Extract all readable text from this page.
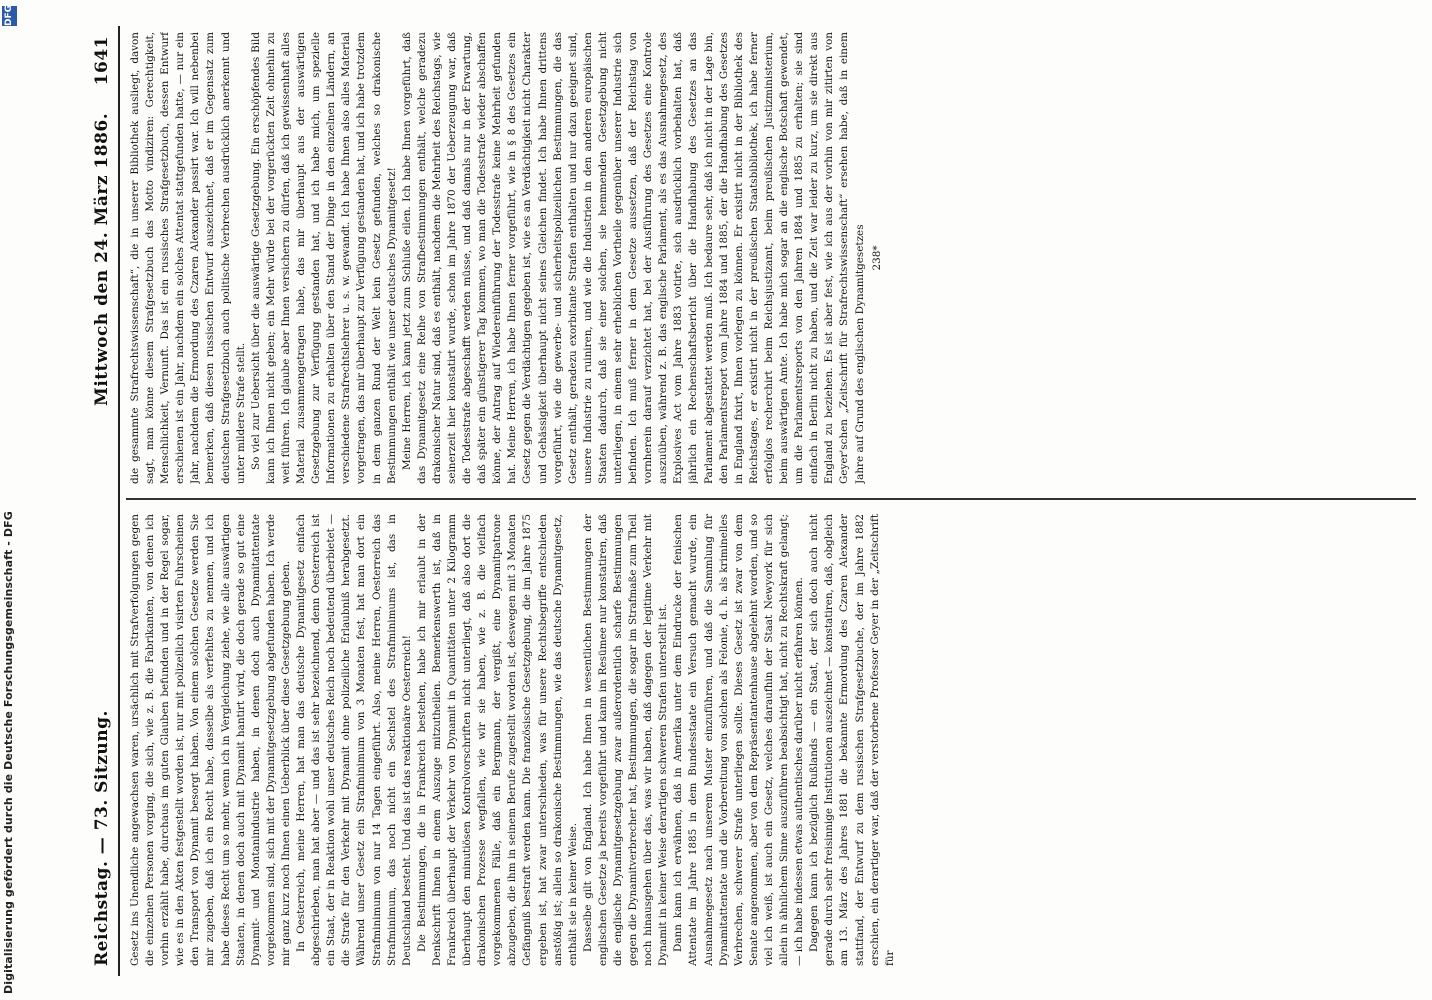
Digitalisierung gefördert durch die Deutsche Forschungsgemeinschaft - DFG
DFG
Reichstag. — 73. Sitzung.
Mittwoch den 24. März 1886.
1641

Gesetz ins Unendliche angewachsen waren, ursächlich mit Strafverfolgungen gegen die einzelnen Personen vorging, die sich, wie z. B. die Fabrikanten, von denen ich vorhin erzählt habe, durchaus im guten Glauben befunden und in der Regel sogar, wie es in den Akten festgestellt worden ist, nur mit polizeilich visirten Fuhrscheinen den Transport von Dynamit besorgt haben. Von einem solchen Gesetze werden Sie mir zugeben, daß ich ein Recht habe, dasselbe als verfehltes zu nennen, und ich habe dieses Recht um so mehr, wenn ich in Vergleichung ziehe, wie alle auswärtigen Staaten, in denen doch auch mit Dynamit hantirt wird, die doch gerade so gut eine Dynamit- und Montanindustrie haben, in denen doch auch Dynamitattentate vorgekommen sind, sich mit der Dynamitgesetzgebung abgefunden haben. Ich werde mir ganz kurz noch Ihnen einen Ueberblick über diese Gesetzgebung geben. In Oesterreich, meine Herren, hat man das deutsche Dynamitgesetz einfach abgeschrieben, man hat aber — und das ist sehr bezeichnend, denn Oesterreich ist ein Staat, der in Reaktion wohl unser deutsches Reich noch bedeutend überbietet — die Strafe für den Verkehr mit Dynamit ohne polizeiliche Erlaubniß herabgesetzt. Während unser Gesetz ein Strafminimum von 3 Monaten fest, hat man dort ein Strafminimum von nur 14 Tagen eingeführt. Also, meine Herren, Oesterreich das Strafminimum, das noch nicht ein Sechstel des Strafminimums ist, das in Deutschland besteht. Und das ist das reaktionäre Oesterreich! Die Bestimmungen, die in Frankreich bestehen, habe ich mir erlaubt in der Denkschrift Ihnen in einem Auszuge mitzutheilen. Bemerkenswerth ist, daß in Frankreich überhaupt der Verkehr von Dynamit in Quantitäten unter 2 Kilogramm überhaupt den minutiösen Kontrolvorschriften nicht unterliegt, daß also dort die drakonischen Prozesse wegfallen, wie wir sie haben, wie z. B. die vielfach vorgekommenen Fälle, daß ein Bergmann, der vergißt, eine Dynamitpatrone abzugeben, die ihm in seinem Berufe zugestellt worden ist, deswegen mit 3 Monaten Gefängniß bestraft werden kann. Die französische Gesetzgebung, die im Jahre 1875 ergeben ist, hat zwar unterschieden, was für unsere Rechtsbegriffe entschieden anstößig ist; allein so drakonische Bestimmungen, wie das deutsche Dynamitgesetz, enthält sie in keiner Weise. Dasselbe gilt von England. Ich habe Ihnen in wesentlichen Bestimmungen der englischen Gesetze ja bereits vorgeführt und kann im Resümee nur konstatiren, daß die englische Dynamitgesetzgebung zwar außerordentlich scharfe Bestimmungen gegen die Dynamitverbrecher hat, Bestimmungen, die sogar im Strafmaße zum Theil noch hinausgehen über das, was wir haben, daß dagegen der legitime Verkehr mit Dynamit in keiner Weise derartigen schweren Strafen unterstellt ist. Dann kann ich erwähnen, daß in Amerika unter dem Eindrucke der fenischen Attentate im Jahre 1885 in dem Bundesstaate ein Versuch gemacht wurde, ein Ausnahmegesetz nach unserem Muster einzuführen, und daß die Sammlung für Dynamitattentate und die Vorbereitung von solchen als Felonie, d. h. als kriminelles Verbrechen, schwerer Strafe unterliegen sollte. Dieses Gesetz ist zwar von dem Senate angenommen, aber von dem Repräsentantenhause abgelehnt worden, und so viel ich weiß, ist auch ein Gesetz, welches daraufhin der Staat Newyork für sich allein in ähnlichem Sinne auszuführen beabsichtigt hat, nicht zu Rechtskraft gelangt; — ich habe indessen etwas authentisches darüber nicht erfahren können. Dagegen kann ich bezüglich Rußlands — ein Staat, der sich doch auch nicht gerade durch sehr freisinnige Institutionen auszeichnet — konstatiren, daß, obgleich am 13. März des Jahres 1881 die bekannte Ermordung des Czaren Alexander stattfand, der Entwurf zu dem russischen Strafgesetzbuche, der im Jahre 1882 erschien, ein derartiger war, daß der verstorbene Professor Geyer in der „Zeitschrift für

die gesammte Strafrechtswissenschaft“, die in unserer Bibliothek ausliegt, davon sagt, man könne diesem Strafgesetzbuch das Motto vindiziren: Gerechtigkeit, Menschlichkeit, Vernunft. Das ist ein russisches Strafgesetzbuch, dessen Entwurf erschienen ist ein Jahr, nachdem ein solches Attentat stattgefunden hatte, — nur ein Jahr, nachdem die Ermordung des Czaren Alexander passirt war. Ich will nebenbei bemerken, daß diesen russischen Entwurf auszeichnet, daß er im Gegensatz zum deutschen Strafgesetzbuch auch politische Verbrechen ausdrücklich anerkennt und unter mildere Strafe stellt. So viel zur Uebersicht über die auswärtige Gesetzgebung. Ein erschöpfendes Bild kann ich Ihnen nicht geben; ein Mehr würde bei der vorgerückten Zeit ohnehin zu weit führen. Ich glaube aber Ihnen versichern zu dürfen, daß ich gewissenhaft alles Material zusammengetragen habe, das mir überhaupt aus der auswärtigen Gesetzgebung zur Verfügung gestanden hat, und ich habe mich, um spezielle Informationen zu erhalten über den Stand der Dinge in den einzelnen Ländern, an verschiedene Strafrechtslehrer u. s. w. gewandt. Ich habe Ihnen also alles Material vorgetragen, das mir überhaupt zur Verfügung gestanden hat, und ich habe trotzdem in dem ganzen Rund der Welt kein Gesetz gefunden, welches so drakonische Bestimmungen enthält wie unser deutsches Dynamitgesetz! Meine Herren, ich kann jetzt zum Schluße eilen. Ich habe Ihnen vorgeführt, daß das Dynamitgesetz eine Reihe von Strafbestimmungen enthält, welche geradezu drakonischer Natur sind, daß es enthält, nachdem die Mehrheit des Reichstags, wie seinerzeit hier konstatirt wurde, schon im Jahre 1870 der Ueberzeugung war, daß die Todesstrafe abgeschafft werden müsse, und daß damals nur in der Erwartung, daß später ein günstigerer Tag kommen, wo man die Todesstrafe wieder abschaffen könne, der Antrag auf Wiedereinführung der Todesstrafe keine Mehrheit gefunden hat. Meine Herren, ich habe Ihnen ferner vorgeführt, wie in § 8 des Gesetzes ein Gesetz gegen die Verdächtigen gegeben ist, wie es an Verdächtigkeit nicht Charakter und Gehässigkeit überhaupt nicht seines Gleichen findet. Ich habe Ihnen drittens vorgeführt, wie die gewerbe- und sicherheitspolizeilichen Bestimmungen, die das Gesetz enthält, geradezu exorbitante Strafen enthalten und nur dazu geeignet sind, unsere Industrie zu ruiniren, und wie die Industrien in den anderen europäischen Staaten dadurch, daß sie einer solchen, sie hemmenden Gesetzgebung nicht unterliegen, in einem sehr erheblichen Vortheile gegenüber unserer Industrie sich befinden. Ich muß ferner in dem Gesetze aussetzen, daß der Reichstag von vornherein darauf verzichtet hat, bei der Ausführung des Gesetzes eine Kontrole auszuüben, während z. B. das englische Parlament, als es das Ausnahmegesetz, des Explosives Act vom Jahre 1883 votirte, sich ausdrücklich vorbehalten hat, daß jährlich ein Rechenschaftsbericht über die Handhabung des Gesetzes an das Parlament abgestattet werden muß. Ich bedaure sehr, daß ich nicht in der Lage bin, den Parlamentsreport vom Jahre 1884 und 1885, der die Handhabung des Gesetzes in England fixirt, Ihnen vorlegen zu können. Er existirt nicht in der Bibliothek des Reichstages, er existirt nicht in der preußischen Staatsbibliothek, ich habe ferner erfolglos recherchirt beim Reichsjustizamt, beim preußischen Justizministerium, beim auswärtigen Amte. Ich habe mich sogar an die englische Botschaft gewendet, um die Parlamentsreports von den Jahren 1884 und 1885 zu erhalten; sie sind einfach in Berlin nicht zu haben, und die Zeit war leider zu kurz, um sie direkt aus England zu beziehen. Es ist aber fest, wie ich aus der vorhin von mir zitirten von Geyer'schen „Zeitschrift für Strafrechtswissenschaft“ ersehen habe, daß in einem Jahre auf Grund des englischen Dynamitgesetzes 238*
